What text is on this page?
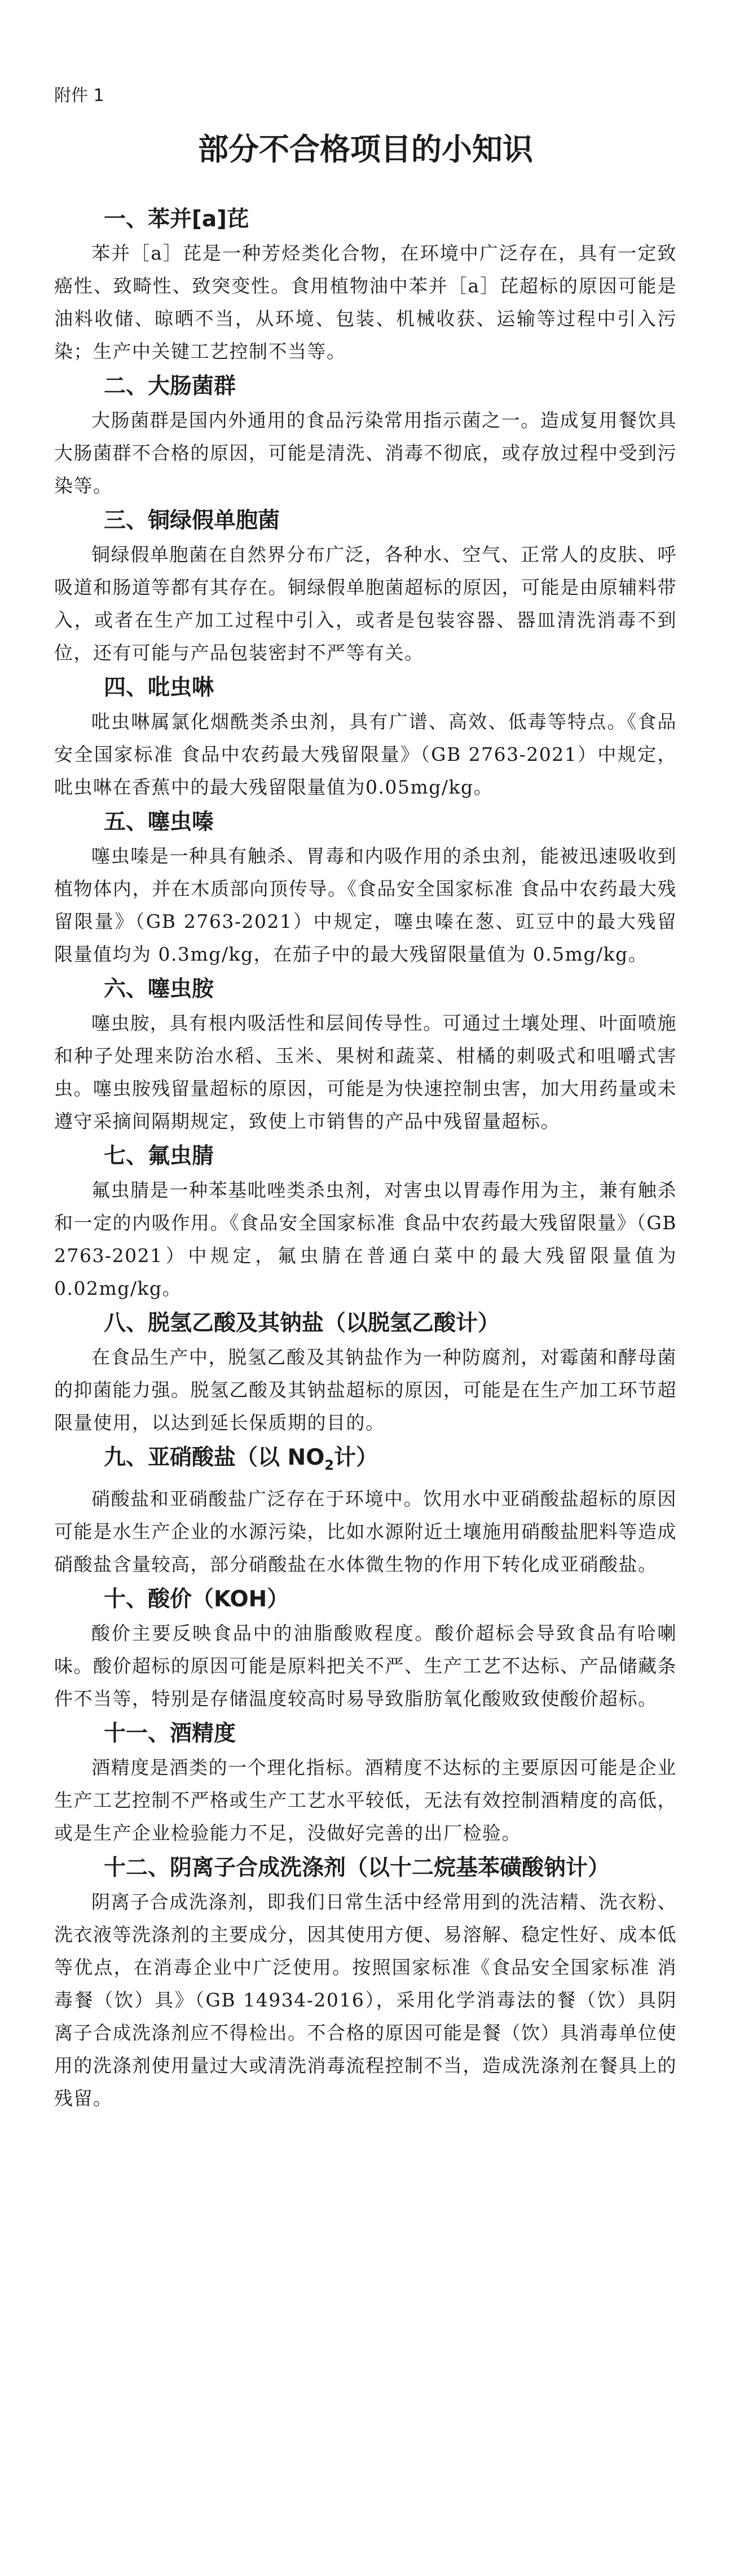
附件 1
部分不合格项目的小知识
一、苯并[a]芘

苯并［a］芘是一种芳烃类化合物，在环境中广泛存在，具有一定致癌性、致畸性、致突变性。食用植物油中苯并［a］芘超标的原因可能是油料收储、晾晒不当，从环境、包装、机械收获、运输等过程中引入污染；生产中关键工艺控制不当等。

二、大肠菌群

大肠菌群是国内外通用的食品污染常用指示菌之一。造成复用餐饮具大肠菌群不合格的原因，可能是清洗、消毒不彻底，或存放过程中受到污染等。

三、铜绿假单胞菌

铜绿假单胞菌在自然界分布广泛，各种水、空气、正常人的皮肤、呼吸道和肠道等都有其存在。铜绿假单胞菌超标的原因，可能是由原辅料带入，或者在生产加工过程中引入，或者是包装容器、器皿清洗消毒不到位，还有可能与产品包装密封不严等有关。

四、吡虫啉

吡虫啉属氯化烟酰类杀虫剂，具有广谱、高效、低毒等特点。《食品安全国家标准 食品中农药最大残留限量》（GB 2763-2021）中规定，吡虫啉在香蕉中的最大残留限量值为0.05mg/kg。

五、噻虫嗪

噻虫嗪是一种具有触杀、胃毒和内吸作用的杀虫剂，能被迅速吸收到植物体内，并在木质部向顶传导。《食品安全国家标准 食品中农药最大残留限量》（GB 2763-2021）中规定，噻虫嗪在葱、豇豆中的最大残留限量值均为 0.3mg/kg，在茄子中的最大残留限量值为 0.5mg/kg。

六、噻虫胺

噻虫胺，具有根内吸活性和层间传导性。可通过土壤处理、叶面喷施和种子处理来防治水稻、玉米、果树和蔬菜、柑橘的刺吸式和咀嚼式害虫。噻虫胺残留量超标的原因，可能是为快速控制虫害，加大用药量或未遵守采摘间隔期规定，致使上市销售的产品中残留量超标。

七、氟虫腈

氟虫腈是一种苯基吡唑类杀虫剂，对害虫以胃毒作用为主，兼有触杀和一定的内吸作用。《食品安全国家标准 食品中农药最大残留限量》（GB 2763-2021）中规定，氟虫腈在普通白菜中的最大残留限量值为 0.02mg/kg。

八、脱氢乙酸及其钠盐（以脱氢乙酸计）

在食品生产中，脱氢乙酸及其钠盐作为一种防腐剂，对霉菌和酵母菌的抑菌能力强。脱氢乙酸及其钠盐超标的原因，可能是在生产加工环节超限量使用，以达到延长保质期的目的。

九、亚硝酸盐（以 $NO_2$计）

硝酸盐和亚硝酸盐广泛存在于环境中。饮用水中亚硝酸盐超标的原因可能是水生产企业的水源污染，比如水源附近土壤施用硝酸盐肥料等造成硝酸盐含量较高，部分硝酸盐在水体微生物的作用下转化成亚硝酸盐。

十、酸价（KOH）

酸价主要反映食品中的油脂酸败程度。酸价超标会导致食品有哈喇味。酸价超标的原因可能是原料把关不严、生产工艺不达标、产品储藏条件不当等，特别是存储温度较高时易导致脂肪氧化酸败致使酸价超标。

十一、酒精度

酒精度是酒类的一个理化指标。酒精度不达标的主要原因可能是企业生产工艺控制不严格或生产工艺水平较低，无法有效控制酒精度的高低，或是生产企业检验能力不足，没做好完善的出厂检验。

十二、阴离子合成洗涤剂（以十二烷基苯磺酸钠计）

阴离子合成洗涤剂，即我们日常生活中经常用到的洗洁精、洗衣粉、洗衣液等洗涤剂的主要成分，因其使用方便、易溶解、稳定性好、成本低等优点，在消毒企业中广泛使用。按照国家标准《食品安全国家标准 消毒餐（饮）具》（GB 14934-2016），采用化学消毒法的餐（饮）具阴离子合成洗涤剂应不得检出。不合格的原因可能是餐（饮）具消毒单位使用的洗涤剂使用量过大或清洗消毒流程控制不当，造成洗涤剂在餐具上的残留。
